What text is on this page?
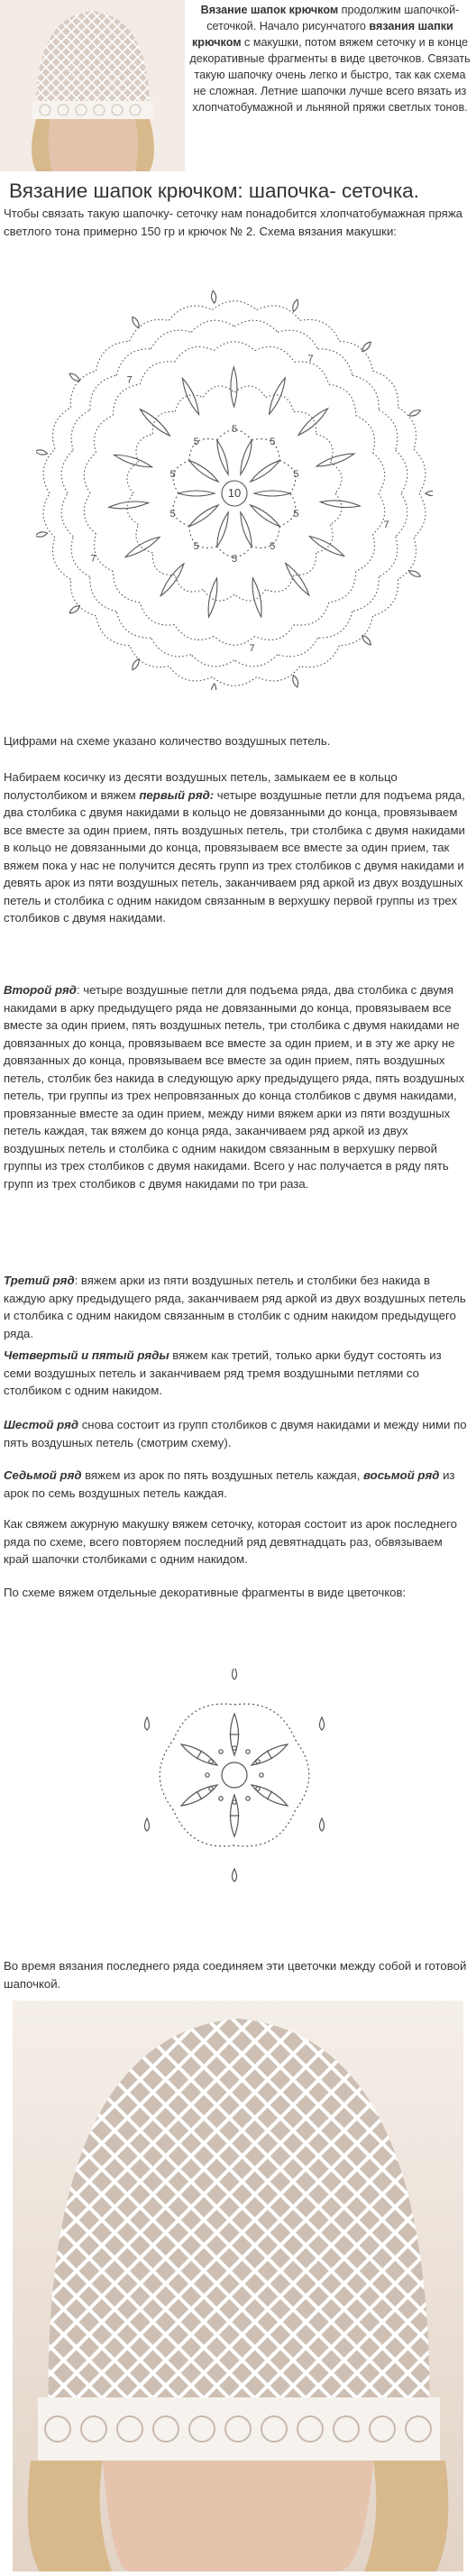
Вязание шапок крючком продолжим шапочкой-сеточкой. Начало рисунчатого вязания шапки крючком с макушки, потом вяжем сеточку и в конце декоративные фрагменты в виде цветочков. Связать такую шапочку очень легко и быстро, так как схема не сложная. Летние шапочки лучше всего вязать из хлопчатобумажной и льняной пряжи светлых тонов.

Вязание шапок крючком: шапочка- сеточка.

Чтобы связать такую шапочку- сеточку нам понадобится хлопчатобумажная пряжа светлого тона примерно 150 гр и крючок № 2. Схема вязания макушки:

10
5
5
5
5
5
5
5
5
5
5
7
7
7
7
7

Цифрами на схеме указано количество воздушных петель.

Набираем косичку из десяти воздушных петель, замыкаем ее в кольцо полустолбиком и вяжем первый ряд: четыре воздушные петли для подъема ряда, два столбика с двумя накидами в кольцо не довязанными до конца, провязываем все вместе за один прием, пять воздушных петель, три столбика с двумя накидами в кольцо не довязанными до конца, провязываем все вместе за один прием, так вяжем пока у нас не получится десять групп из трех столбиков с двумя накидами и девять арок из пяти воздушных петель, заканчиваем ряд аркой из двух воздушных петель и столбика с одним накидом связанным в верхушку первой группы из трех столбиков с двумя накидами.

Второй ряд: четыре воздушные петли для подъема ряда, два столбика с двумя накидами в арку предыдущего ряда не довязанными до конца, провязываем все вместе за один прием, пять воздушных петель, три столбика с двумя накидами не довязанных до конца, провязываем все вместе за один прием, и в эту же арку не довязанных до конца, провязываем все вместе за один прием, пять воздушных петель, столбик без накида в следующую арку предыдущего ряда, пять воздушных петель, три группы из трех непровязанных до конца столбиков с двумя накидами, провязанные вместе за один прием, между ними вяжем арки из пяти воздушных петель каждая, так вяжем до конца ряда, заканчиваем ряд аркой из двух воздушных петель и столбика с одним накидом связанным в верхушку первой группы из трех столбиков с двумя накидами. Всего у нас получается в ряду пять групп из трех столбиков с двумя накидами по три раза.

Третий ряд: вяжем арки из пяти воздушных петель и столбики без накида в каждую арку предыдущего ряда, заканчиваем ряд аркой из двух воздушных петель и столбика с одним накидом связанным в столбик с одним накидом предыдущего ряда.

Четвертый и пятый ряды вяжем как третий, только арки будут состоять из семи воздушных петель и заканчиваем ряд тремя воздушными петлями со столбиком с одним накидом.

Шестой ряд снова состоит из групп столбиков с двумя накидами и между ними по пять воздушных петель (смотрим схему).

Седьмой ряд вяжем из арок по пять воздушных петель каждая, восьмой ряд из арок по семь воздушных петель каждая.

Как свяжем ажурную макушку вяжем сеточку, которая состоит из арок последнего ряда по схеме, всего повторяем последний ряд девятнадцать раз, обвязываем край шапочки столбиками с одним накидом.

По схеме вяжем отдельные декоративные фрагменты в виде цветочков:

Во время вязания последнего ряда соединяем эти цветочки между собой и готовой шапочкой.
